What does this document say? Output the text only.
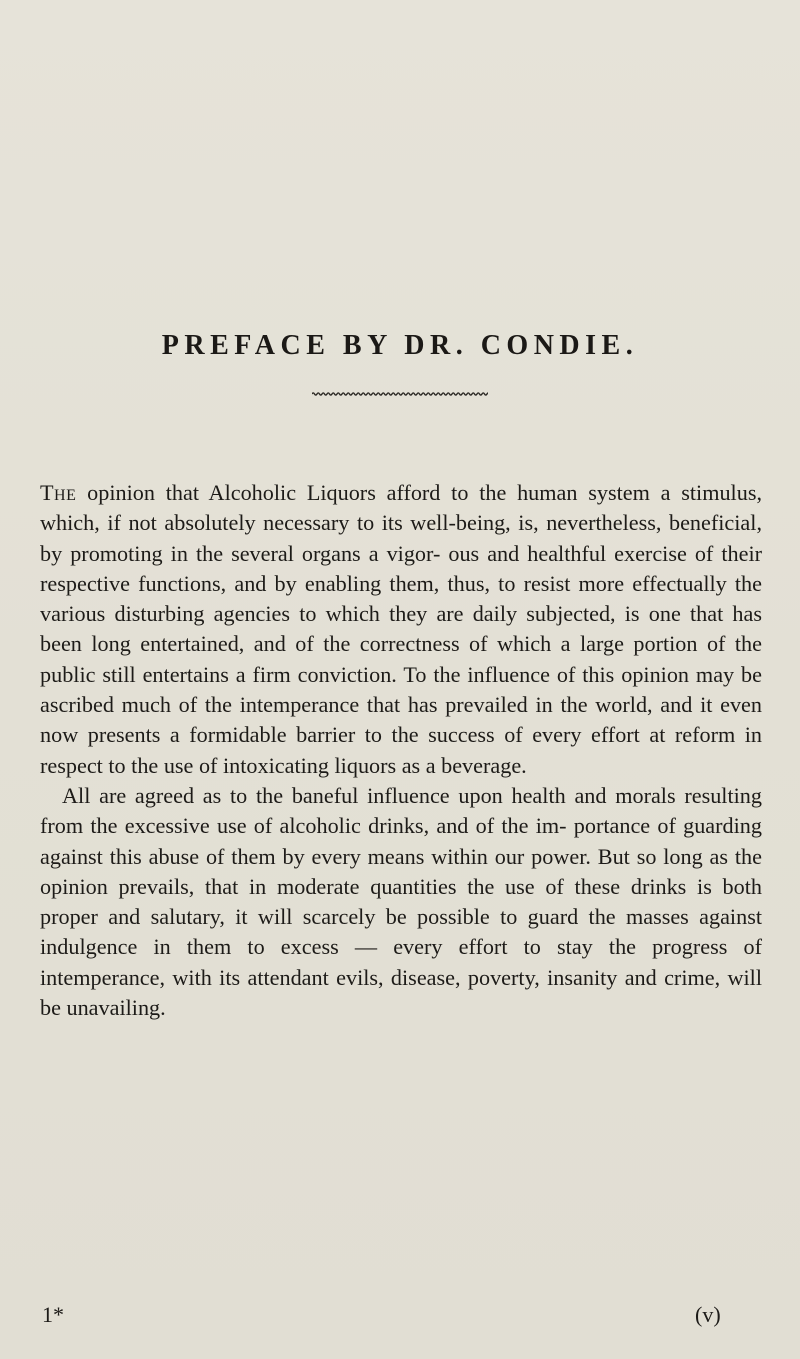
PREFACE BY DR. CONDIE.

The opinion that Alcoholic Liquors afford to the human system a stimulus, which, if not absolutely necessary to its well-being, is, nevertheless, beneficial, by promoting in the several organs a vigor- ous and healthful exercise of their respective functions, and by enabling them, thus, to resist more effectually the various disturbing agencies to which they are daily subjected, is one that has been long entertained, and of the correctness of which a large portion of the public still entertains a firm conviction. To the influence of this opinion may be ascribed much of the intemperance that has prevailed in the world, and it even now presents a formidable barrier to the success of every effort at reform in respect to the use of intoxicating liquors as a beverage.

All are agreed as to the baneful influence upon health and morals resulting from the excessive use of alcoholic drinks, and of the im- portance of guarding against this abuse of them by every means within our power. But so long as the opinion prevails, that in moderate quantities the use of these drinks is both proper and salutary, it will scarcely be possible to guard the masses against indulgence in them to excess — every effort to stay the progress of intemperance, with its attendant evils, disease, poverty, insanity and crime, will be unavailing.

1*	(v)
